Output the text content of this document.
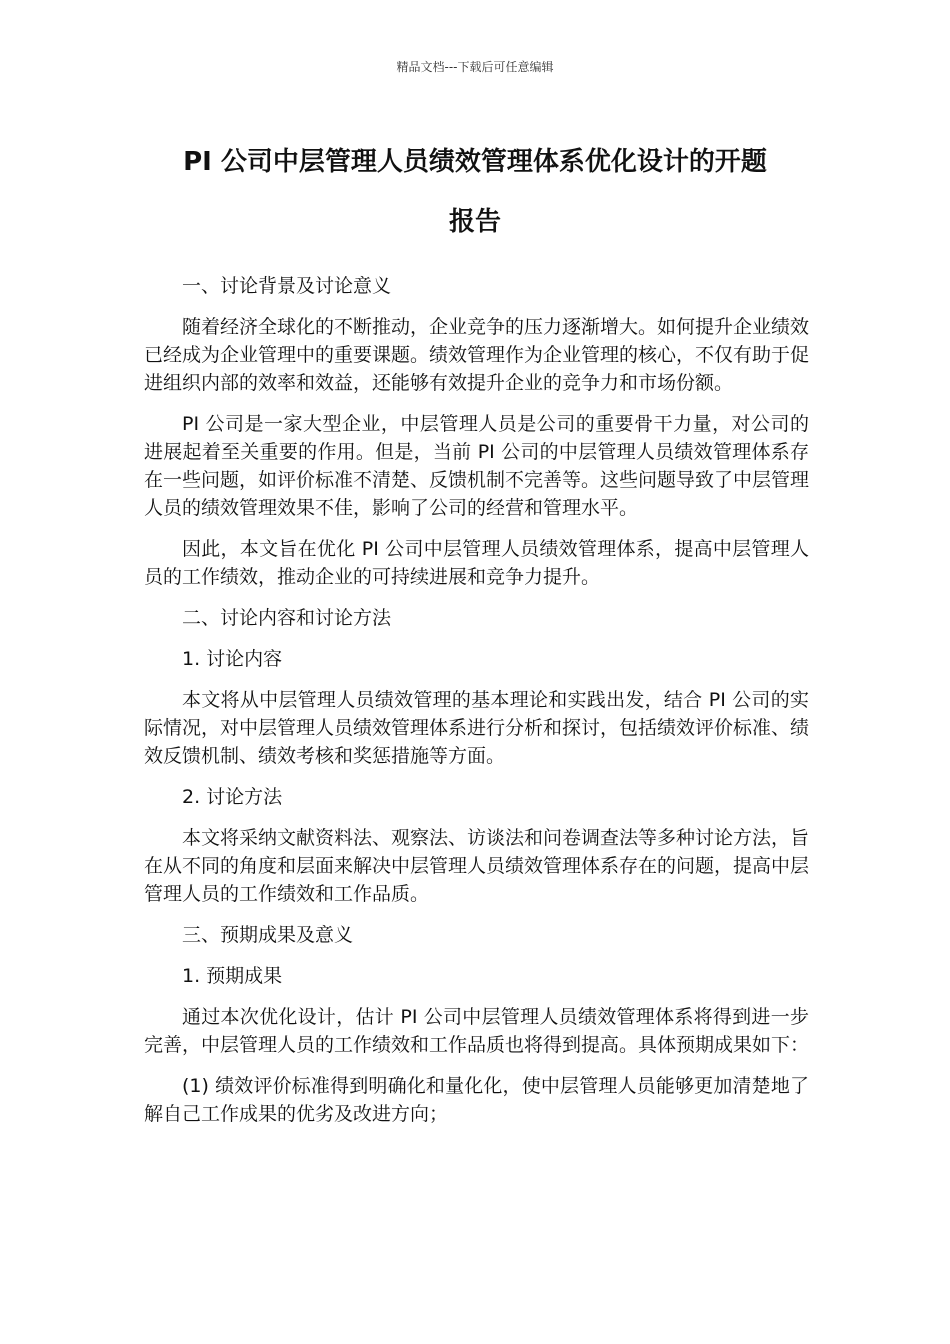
精品文档---下载后可任意编辑
PI 公司中层管理人员绩效管理体系优化设计的开题
报告

一、讨论背景及讨论意义

随着经济全球化的不断推动，企业竞争的压力逐渐增大。如何提升企业绩效已经成为企业管理中的重要课题。绩效管理作为企业管理的核心，不仅有助于促进组织内部的效率和效益，还能够有效提升企业的竞争力和市场份额。

PI 公司是一家大型企业，中层管理人员是公司的重要骨干力量，对公司的进展起着至关重要的作用。但是，当前 PI 公司的中层管理人员绩效管理体系存在一些问题，如评价标准不清楚、反馈机制不完善等。这些问题导致了中层管理人员的绩效管理效果不佳，影响了公司的经营和管理水平。

因此，本文旨在优化 PI 公司中层管理人员绩效管理体系，提高中层管理人员的工作绩效，推动企业的可持续进展和竞争力提升。

二、讨论内容和讨论方法

1. 讨论内容

本文将从中层管理人员绩效管理的基本理论和实践出发，结合 PI 公司的实际情况，对中层管理人员绩效管理体系进行分析和探讨，包括绩效评价标准、绩效反馈机制、绩效考核和奖惩措施等方面。

2. 讨论方法

本文将采纳文献资料法、观察法、访谈法和问卷调查法等多种讨论方法，旨在从不同的角度和层面来解决中层管理人员绩效管理体系存在的问题，提高中层管理人员的工作绩效和工作品质。

三、预期成果及意义

1. 预期成果

通过本次优化设计，估计 PI 公司中层管理人员绩效管理体系将得到进一步完善，中层管理人员的工作绩效和工作品质也将得到提高。具体预期成果如下：

(1) 绩效评价标准得到明确化和量化化，使中层管理人员能够更加清楚地了解自己工作成果的优劣及改进方向；
